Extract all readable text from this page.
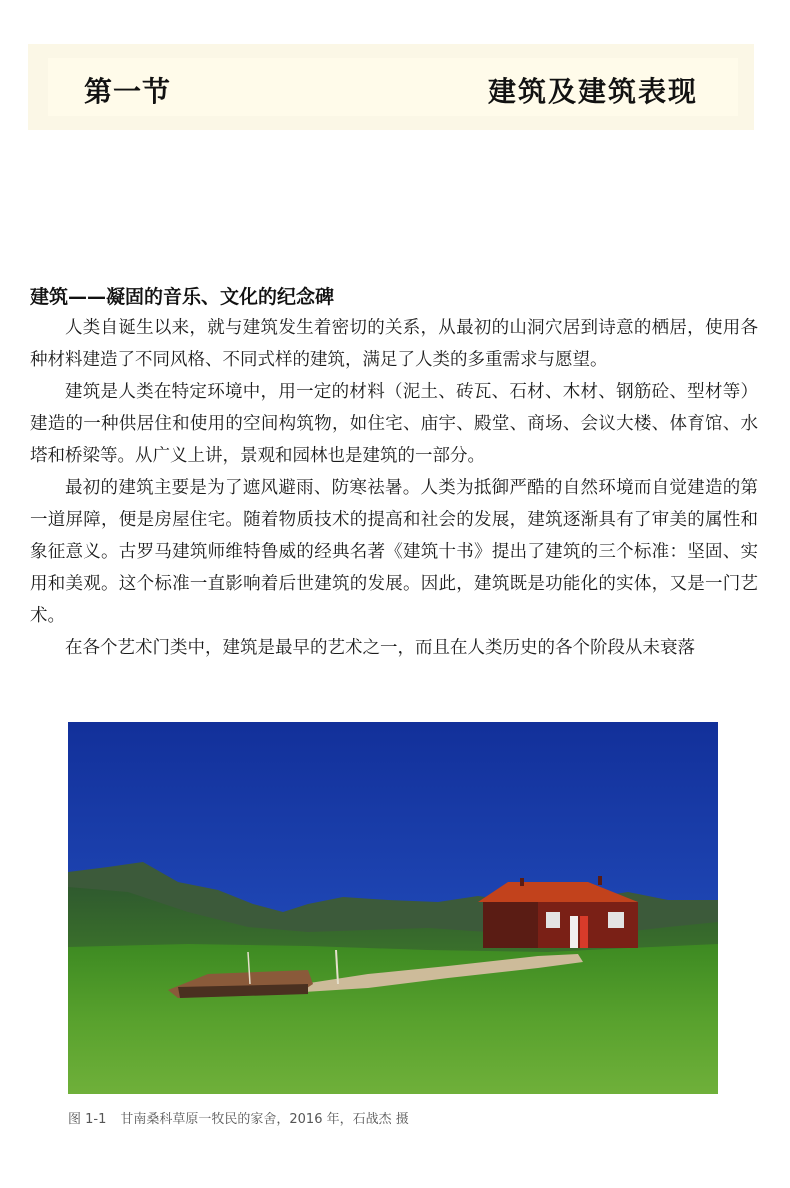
第一节	建筑及建筑表现
建筑——凝固的音乐、文化的纪念碑

人类自诞生以来，就与建筑发生着密切的关系，从最初的山洞穴居到诗意的栖居，使用各种材料建造了不同风格、不同式样的建筑，满足了人类的多重需求与愿望。

建筑是人类在特定环境中，用一定的材料（泥土、砖瓦、石材、木材、钢筋砼、型材等）建造的一种供居住和使用的空间构筑物，如住宅、庙宇、殿堂、商场、会议大楼、体育馆、水塔和桥梁等。从广义上讲，景观和园林也是建筑的一部分。

最初的建筑主要是为了遮风避雨、防寒祛暑。人类为抵御严酷的自然环境而自觉建造的第一道屏障，便是房屋住宅。随着物质技术的提高和社会的发展，建筑逐渐具有了审美的属性和象征意义。古罗马建筑师维特鲁威的经典名著《建筑十书》提出了建筑的三个标准：坚固、实用和美观。这个标准一直影响着后世建筑的发展。因此，建筑既是功能化的实体，又是一门艺术。

在各个艺术门类中，建筑是最早的艺术之一，而且在人类历史的各个阶段从未衰落

图 1-1 甘南桑科草原一牧民的家舍，2016 年，石战杰 摄
